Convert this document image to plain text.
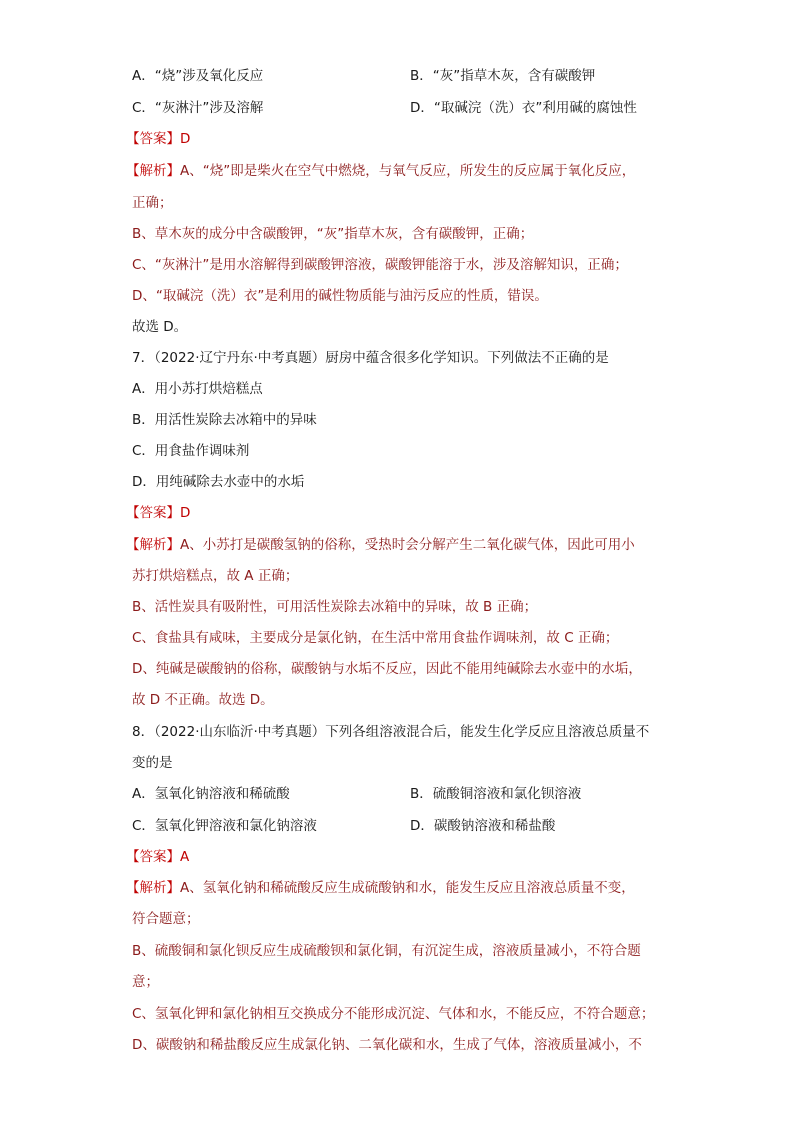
A．“烧”涉及氧化反应	B．“灰”指草木灰，含有碳酸钾
C．“灰淋汁”涉及溶解	D．“取碱浣（洗）衣”利用碱的腐蚀性
【答案】D
【解析】A、“烧”即是柴火在空气中燃烧，与氧气反应，所发生的反应属于氧化反应，
正确；
B、草木灰的成分中含碳酸钾，“灰”指草木灰，含有碳酸钾，正确；
C、“灰淋汁”是用水溶解得到碳酸钾溶液，碳酸钾能溶于水，涉及溶解知识，正确；
D、“取碱浣（洗）衣”是利用的碱性物质能与油污反应的性质，错误。
故选 D。
7．（2022·辽宁丹东·中考真题）厨房中蕴含很多化学知识。下列做法不正确的是
A．用小苏打烘焙糕点
B．用活性炭除去冰箱中的异味
C．用食盐作调味剂
D．用纯碱除去水壶中的水垢
【答案】D
【解析】A、小苏打是碳酸氢钠的俗称，受热时会分解产生二氧化碳气体，因此可用小
苏打烘焙糕点，故 A 正确；
B、活性炭具有吸附性，可用活性炭除去冰箱中的异味，故 B 正确；
C、食盐具有咸味，主要成分是氯化钠，在生活中常用食盐作调味剂，故 C 正确；
D、纯碱是碳酸钠的俗称，碳酸钠与水垢不反应，因此不能用纯碱除去水壶中的水垢，
故 D 不正确。故选 D。
8．（2022·山东临沂·中考真题）下列各组溶液混合后，能发生化学反应且溶液总质量不
变的是
A．氢氧化钠溶液和稀硫酸	B．硫酸铜溶液和氯化钡溶液
C．氢氧化钾溶液和氯化钠溶液	D．碳酸钠溶液和稀盐酸
【答案】A
【解析】A、氢氧化钠和稀硫酸反应生成硫酸钠和水，能发生反应且溶液总质量不变，
符合题意；
B、硫酸铜和氯化钡反应生成硫酸钡和氯化铜，有沉淀生成，溶液质量减小，不符合题
意；
C、氢氧化钾和氯化钠相互交换成分不能形成沉淀、气体和水，不能反应，不符合题意；
D、碳酸钠和稀盐酸反应生成氯化钠、二氧化碳和水，生成了气体，溶液质量减小，不
